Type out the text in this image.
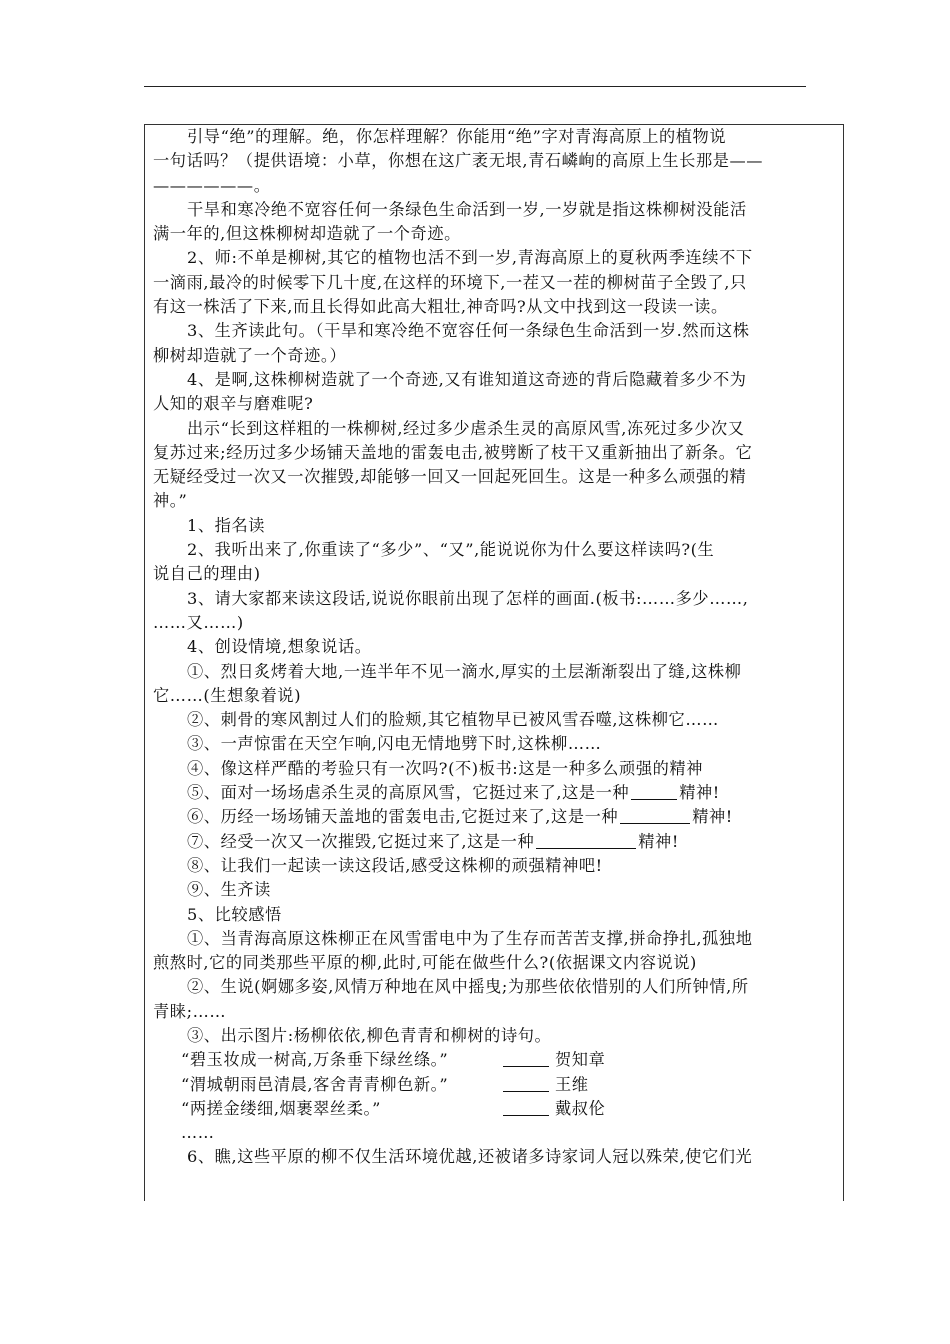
引导“绝”的理解。绝，你怎样理解？你能用“绝”字对青海高原上的植物说
一句话吗？（提供语境：小草，你想在这广袤无垠,青石嶙峋的高原上生长那是——
——————。
干旱和寒冷绝不宽容任何一条绿色生命活到一岁,一岁就是指这株柳树没能活
满一年的,但这株柳树却造就了一个奇迹。
2、师:不单是柳树,其它的植物也活不到一岁,青海高原上的夏秋两季连续不下
一滴雨,最冷的时候零下几十度,在这样的环境下,一茬又一茬的柳树苗子全毁了,只
有这一株活了下来,而且长得如此高大粗壮,神奇吗?从文中找到这一段读一读。
3、生齐读此句。（干旱和寒冷绝不宽容任何一条绿色生命活到一岁.然而这株
柳树却造就了一个奇迹。）
4、是啊,这株柳树造就了一个奇迹,又有谁知道这奇迹的背后隐藏着多少不为
人知的艰辛与磨难呢?
出示“长到这样粗的一株柳树,经过多少虐杀生灵的高原风雪,冻死过多少次又
复苏过来;经历过多少场铺天盖地的雷轰电击,被劈断了枝干又重新抽出了新条。它
无疑经受过一次又一次摧毁,却能够一回又一回起死回生。这是一种多么顽强的精
神。”
1、指名读
2、我听出来了,你重读了“多少”、“又”,能说说你为什么要这样读吗?(生
说自己的理由)
3、请大家都来读这段话,说说你眼前出现了怎样的画面.(板书:……多少……,
……又……)
4、创设情境,想象说话。
①、烈日炙烤着大地,一连半年不见一滴水,厚实的土层渐渐裂出了缝,这株柳
它……(生想象着说)
②、刺骨的寒风割过人们的脸颊,其它植物早已被风雪吞噬,这株柳它……
③、一声惊雷在天空乍响,闪电无情地劈下时,这株柳……
④、像这样严酷的考验只有一次吗?(不)板书:这是一种多么顽强的精神
⑤、面对一场场虐杀生灵的高原风雪，它挺过来了,这是一种	精神!
⑥、历经一场场铺天盖地的雷轰电击,它挺过来了,这是一种	精神!
⑦、经受一次又一次摧毁,它挺过来了,这是一种	精神!
⑧、让我们一起读一读这段话,感受这株柳的顽强精神吧!
⑨、生齐读
5、比较感悟
①、当青海高原这株柳正在风雪雷电中为了生存而苦苦支撑,拼命挣扎,孤独地
煎熬时,它的同类那些平原的柳,此时,可能在做些什么?(依据课文内容说说)
②、生说(婀娜多姿,风情万种地在风中摇曳;为那些依依惜别的人们所钟情,所
青睐;……
③、出示图片:杨柳依依,柳色青青和柳树的诗句。
“碧玉妆成一树高,万条垂下绿丝绦。”	贺知章
“渭城朝雨邑清晨,客舍青青柳色新。”	王维
“两搓金缕细,烟裹翠丝柔。”	戴叔伦
……
6、瞧,这些平原的柳不仅生活环境优越,还被诸多诗家词人冠以殊荣,使它们光
